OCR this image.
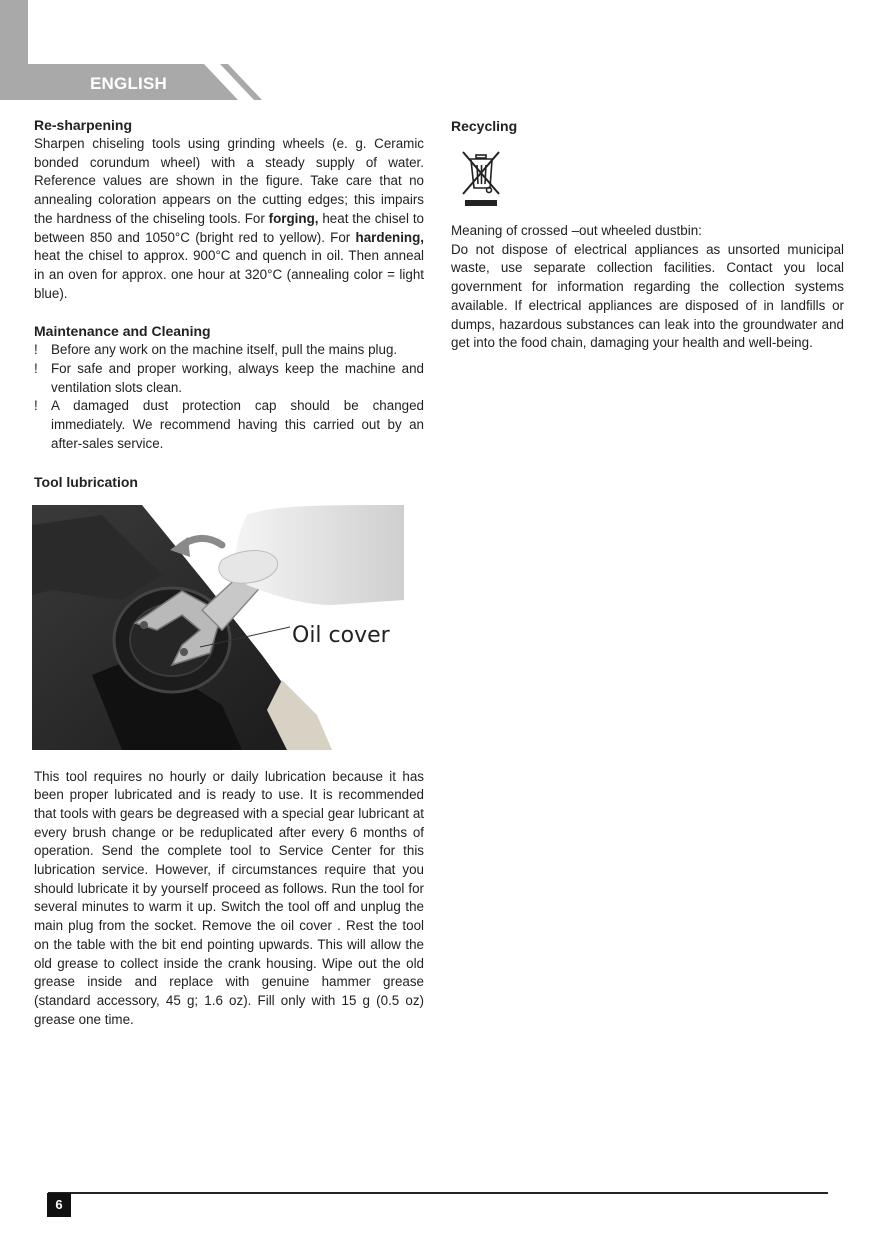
ENGLISH
Re-sharpening

Sharpen chiseling tools using grinding wheels (e. g. Ceramic bonded corundum wheel) with a steady supply of water. Reference values are shown in the figure. Take care that no annealing coloration appears on the cutting edges; this impairs the hardness of the chiseling tools. For forging, heat the chisel to between 850 and 1050°C (bright red to yellow). For hardening, heat the chisel to approx. 900°C and quench in oil. Then anneal in an oven for approx. one hour at 320°C (annealing color = light blue).

Maintenance and Cleaning
! Before any work on the machine itself, pull the mains plug.
! For safe and proper working, always keep the machine and ventilation slots clean.
! A damaged dust protection cap should be changed immediately. We recommend having this carried out by an after-sales service.
Tool lubrication
Oil cover

This tool requires no hourly or daily lubrication because it has been proper lubricated and is ready to use. It is recommended that tools with gears be degreased with a special gear lubricant at every brush change or be reduplicated after every 6 months of operation. Send the complete tool to Service Center for this lubrication service. However, if circumstances require that you should lubricate it by yourself proceed as follows. Run the tool for several minutes to warm it up. Switch the tool off and unplug the main plug from the socket. Remove the oil cover . Rest the tool on the table with the bit end pointing upwards. This will allow the old grease to collect inside the crank housing. Wipe out the old grease inside and replace with genuine hammer grease (standard accessory, 45 g; 1.6 oz). Fill only with 15 g (0.5 oz) grease one time.

Recycling

Meaning of crossed –out wheeled dustbin:

Do not dispose of electrical appliances as unsorted municipal waste, use separate collection facilities. Contact you local government for information regarding the collection systems available. If electrical appliances are disposed of in landfills or dumps, hazardous substances can leak into the groundwater and get into the food chain, damaging your health and well-being.

6
